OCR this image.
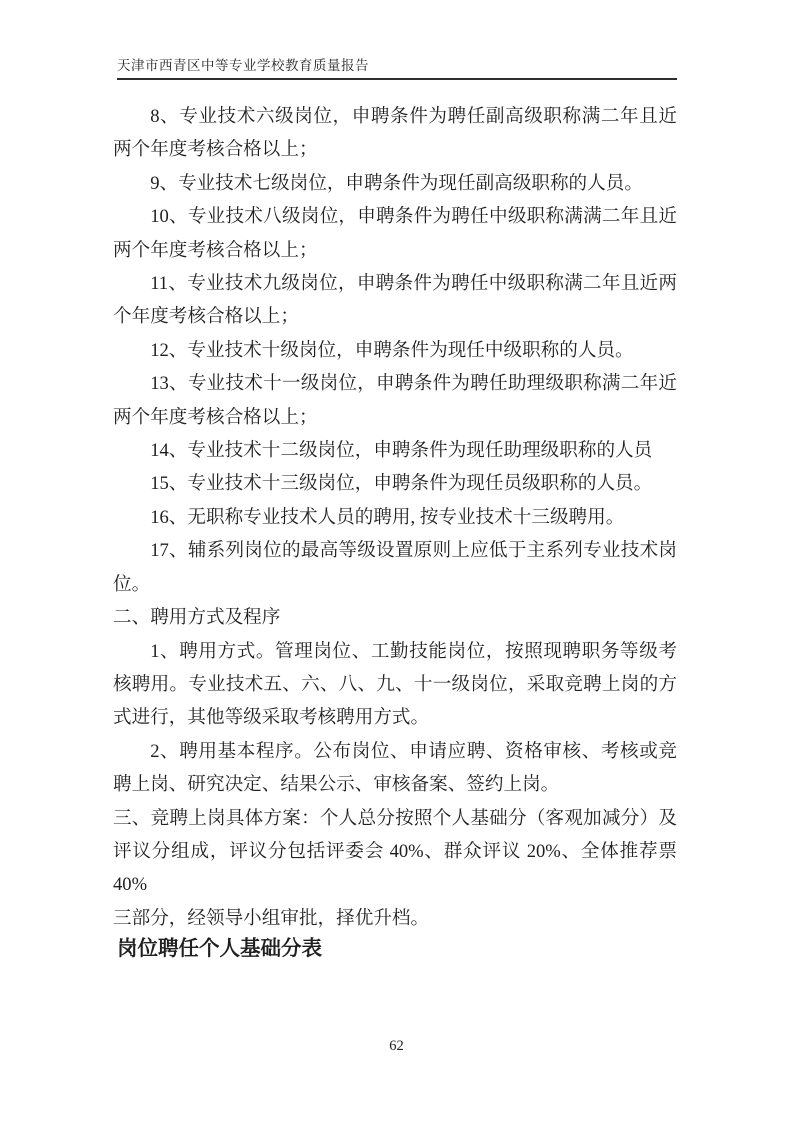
天津市西青区中等专业学校教育质量报告
8、专业技术六级岗位，申聘条件为聘任副高级职称满二年且近
两个年度考核合格以上；
9、专业技术七级岗位，申聘条件为现任副高级职称的人员。
10、专业技术八级岗位，申聘条件为聘任中级职称满满二年且近
两个年度考核合格以上；
11、专业技术九级岗位，申聘条件为聘任中级职称满二年且近两
个年度考核合格以上；
12、专业技术十级岗位，申聘条件为现任中级职称的人员。
13、专业技术十一级岗位，申聘条件为聘任助理级职称满二年近
两个年度考核合格以上；
14、专业技术十二级岗位，申聘条件为现任助理级职称的人员
15、专业技术十三级岗位，申聘条件为现任员级职称的人员。
16、无职称专业技术人员的聘用, 按专业技术十三级聘用。
17、辅系列岗位的最高等级设置原则上应低于主系列专业技术岗
位。
二、聘用方式及程序
1、聘用方式。管理岗位、工勤技能岗位，按照现聘职务等级考
核聘用。专业技术五、六、八、九、十一级岗位，采取竞聘上岗的方
式进行，其他等级采取考核聘用方式。
2、聘用基本程序。公布岗位、申请应聘、资格审核、考核或竞
聘上岗、研究决定、结果公示、审核备案、签约上岗。
三、竞聘上岗具体方案：个人总分按照个人基础分（客观加减分）及
评议分组成，评议分包括评委会 40%、群众评议 20%、全体推荐票 40%
三部分，经领导小组审批，择优升档。
岗位聘任个人基础分表
62
